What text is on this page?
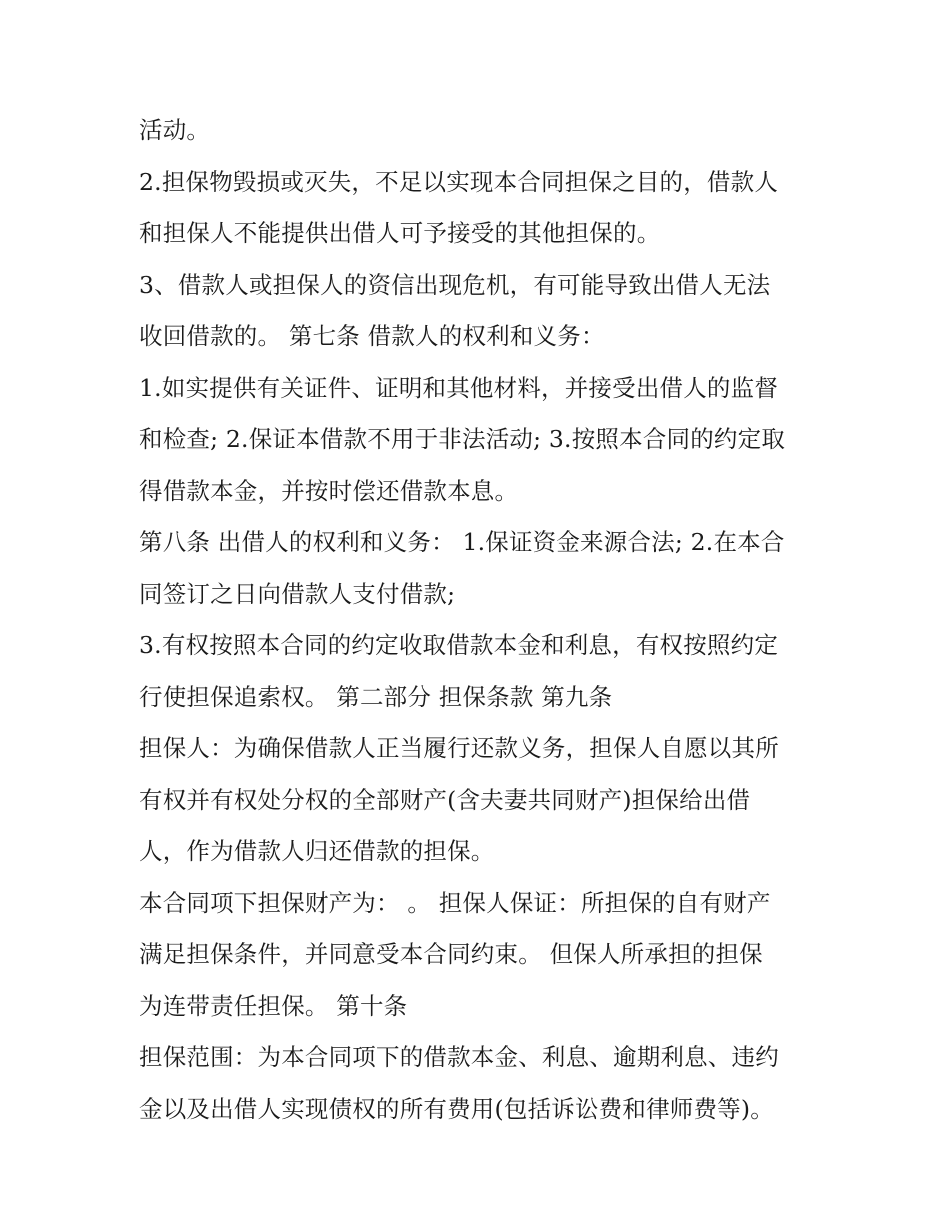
活动。
2.担保物毁损或灭失，不足以实现本合同担保之目的，借款人
和担保人不能提供出借人可予接受的其他担保的。
3、借款人或担保人的资信出现危机，有可能导致出借人无法
收回借款的。 第七条 借款人的权利和义务：
1.如实提供有关证件、证明和其他材料，并接受出借人的监督
和检查; 2.保证本借款不用于非法活动; 3.按照本合同的约定取
得借款本金，并按时偿还借款本息。
第八条 出借人的权利和义务： 1.保证资金来源合法; 2.在本合
同签订之日向借款人支付借款;
3.有权按照本合同的约定收取借款本金和利息，有权按照约定
行使担保追索权。 第二部分 担保条款 第九条
担保人：为确保借款人正当履行还款义务，担保人自愿以其所
有权并有权处分权的全部财产(含夫妻共同财产)担保给出借
人，作为借款人归还借款的担保。
本合同项下担保财产为： 。 担保人保证：所担保的自有财产
满足担保条件，并同意受本合同约束。 但保人所承担的担保
为连带责任担保。 第十条
担保范围：为本合同项下的借款本金、利息、逾期利息、违约
金以及出借人实现债权的所有费用(包括诉讼费和律师费等)。
